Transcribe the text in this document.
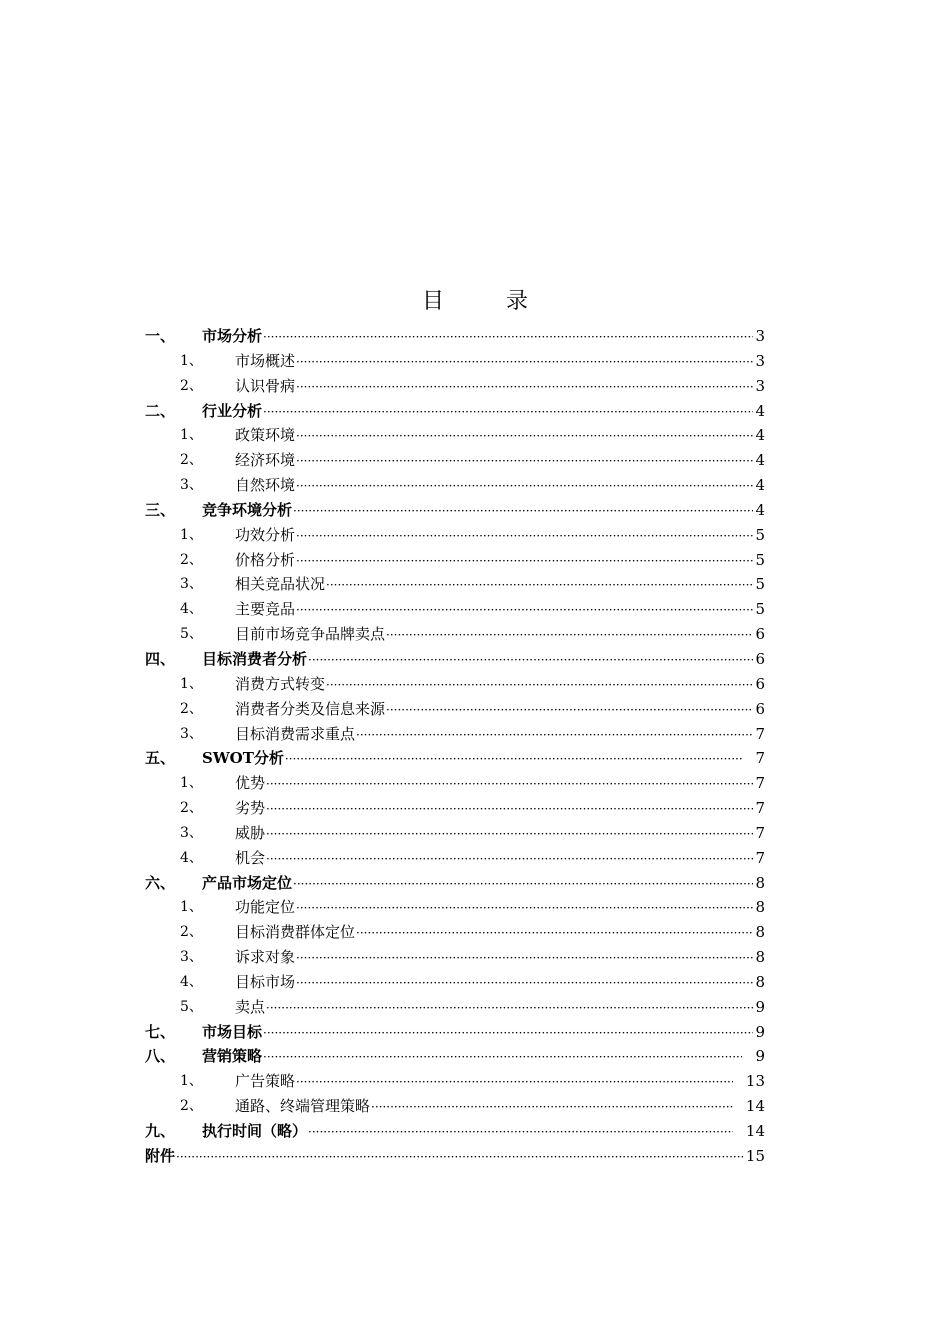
目　录
一、	市场分析 ·····	3
1、	市场概述 ·····	3
2、	认识骨病 ·····	3
二、	行业分析 ·····	4
1、	政策环境 ·····	4
2、	经济环境 ·····	4
3、	自然环境 ·····	4
三、	竞争环境分析 ·····	4
1、	功效分析 ·····	5
2、	价格分析 ·····	5
3、	相关竞品状况 ·····	5
4、	主要竞品 ·····	5
5、	目前市场竞争品牌卖点 ·····	6
四、	目标消费者分析 ·····	6
1、	消费方式转变 ·····	6
2、	消费者分类及信息来源 ·····	6
3、	目标消费需求重点 ·····	7
五、	SWOT分析 ·····	7
1、	优势 ·····	7
2、	劣势 ·····	7
3、	威胁 ·····	7
4、	机会 ·····	7
六、	产品市场定位 ·····	8
1、	功能定位 ·····	8
2、	目标消费群体定位 ·····	8
3、	诉求对象 ·····	8
4、	目标市场 ·····	8
5、	卖点 ·····	9
七、	市场目标 ·····	9
八、	营销策略 ·····	9
1、	广告策略 ·····	13
2、	通路、终端管理策略 ·····	14
九、	执行时间（略） ·····	14
附件 ·····	15
